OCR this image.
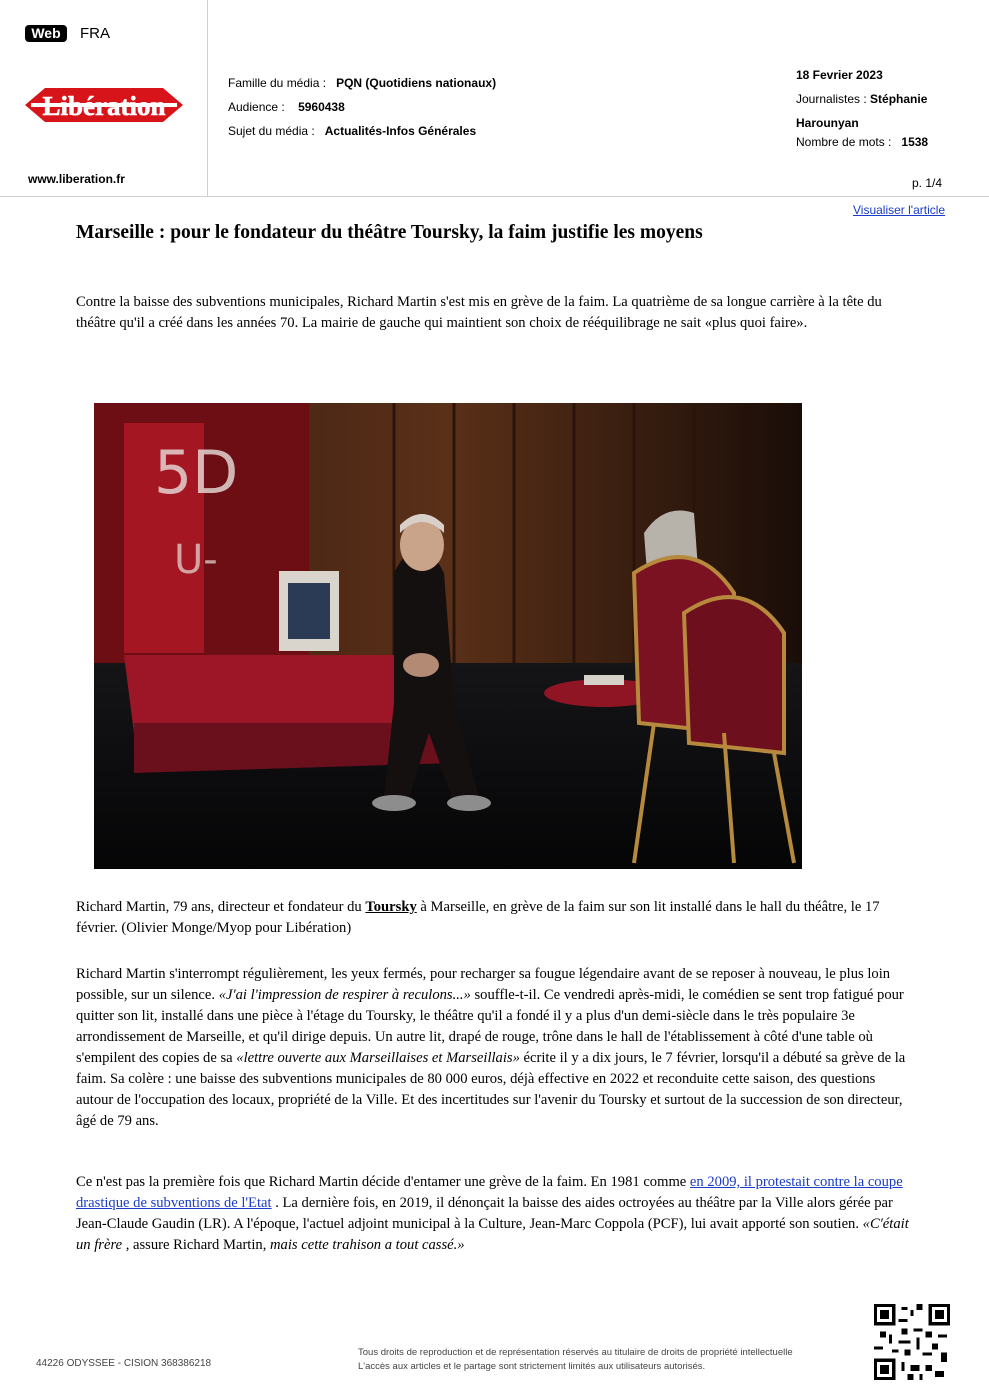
Web	FRA
Libération
www.liberation.fr
Famille du média : PQN (Quotidiens nationaux)
Audience : 5960438
Sujet du média : Actualités-Infos Générales
18 Fevrier 2023
Journalistes : Stéphanie
Harounyan
Nombre de mots : 1538
p. 1/4
Visualiser l'article
Marseille : pour le fondateur du théâtre Toursky, la faim justifie les moyens
Contre la baisse des subventions municipales, Richard Martin s'est mis en grève de la faim. La quatrième de sa longue carrière à la tête du théâtre qu'il a créé dans les années 70. La mairie de gauche qui maintient son choix de rééquilibrage ne sait «plus quoi faire».
5D
U-
Richard Martin, 79 ans, directeur et fondateur du Toursky à Marseille, en grève de la faim sur son lit installé dans le hall du théâtre, le 17 février. (Olivier Monge/Myop pour Libération)
Richard Martin s'interrompt régulièrement, les yeux fermés, pour recharger sa fougue légendaire avant de se reposer à nouveau, le plus loin possible, sur un silence. «J'ai l'impression de respirer à reculons...» souffle-t-il. Ce vendredi après-midi, le comédien se sent trop fatigué pour quitter son lit, installé dans une pièce à l'étage du Toursky, le théâtre qu'il a fondé il y a plus d'un demi-siècle dans le très populaire 3e arrondissement de Marseille, et qu'il dirige depuis. Un autre lit, drapé de rouge, trône dans le hall de l'établissement à côté d'une table où s'empilent des copies de sa «lettre ouverte aux Marseillaises et Marseillais» écrite il y a dix jours, le 7 février, lorsqu'il a débuté sa grève de la faim. Sa colère : une baisse des subventions municipales de 80 000 euros, déjà effective en 2022 et reconduite cette saison, des questions autour de l'occupation des locaux, propriété de la Ville. Et des incertitudes sur l'avenir du Toursky et surtout de la succession de son directeur, âgé de 79 ans.
Ce n'est pas la première fois que Richard Martin décide d'entamer une grève de la faim. En 1981 comme en 2009, il protestait contre la coupe drastique de subventions de l'Etat . La dernière fois, en 2019, il dénonçait la baisse des aides octroyées au théâtre par la Ville alors gérée par Jean-Claude Gaudin (LR). A l'époque, l'actuel adjoint municipal à la Culture, Jean-Marc Coppola (PCF), lui avait apporté son soutien. «C'était un frère , assure Richard Martin, mais cette trahison a tout cassé.»
44226 ODYSSEE - CISION 368386218
Tous droits de reproduction et de représentation réservés au titulaire de droits de propriété intellectuelle
L'accès aux articles et le partage sont strictement limités aux utilisateurs autorisés.
